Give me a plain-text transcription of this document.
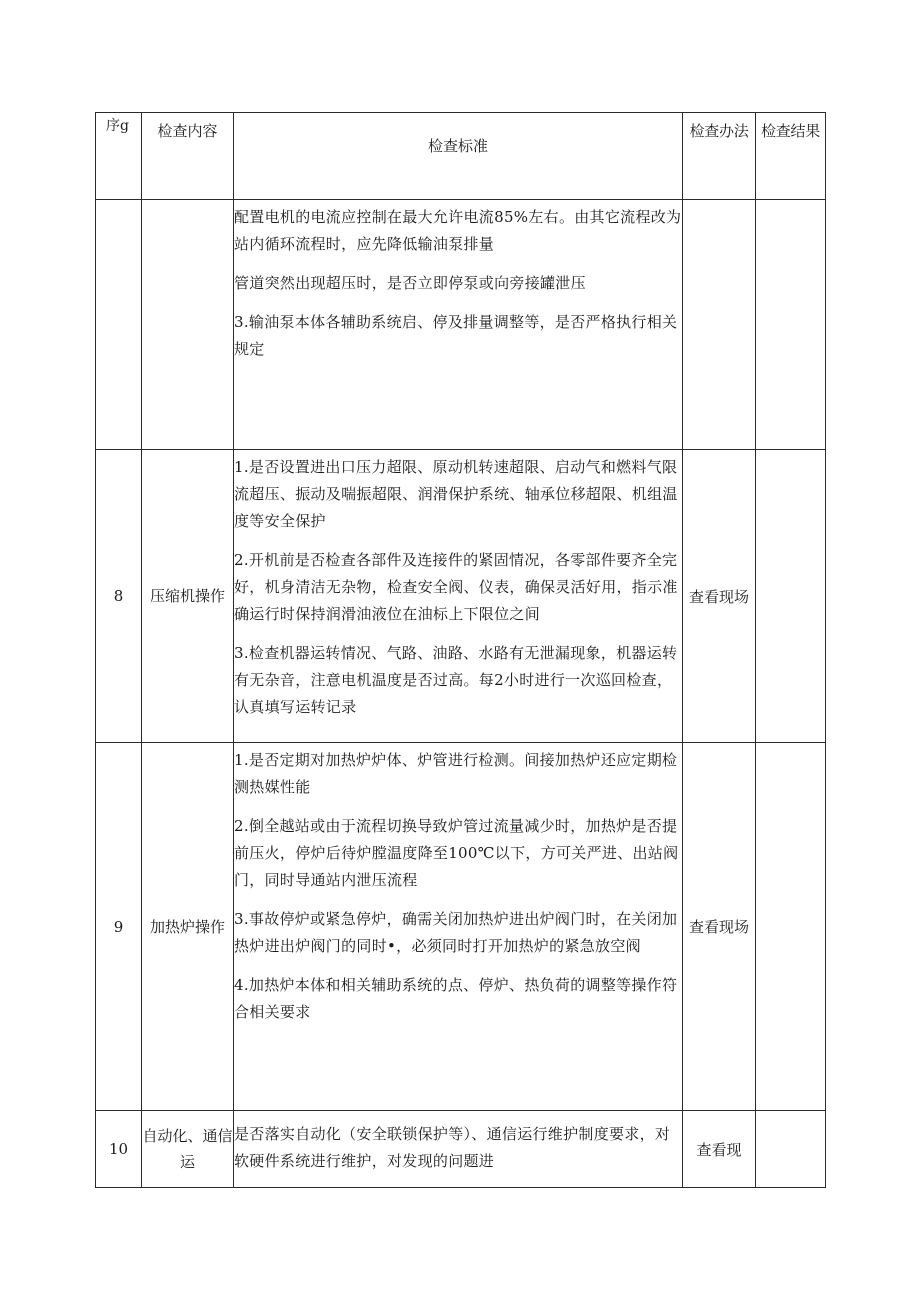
序g	检查内容	检查标准	检查办法	检查结果

		配置电机的电流应控制在最大允许电流85%左右。由其它流程改为站内循环流程时，应先降低输油泵排量

管道突然出现超压时，是否立即停泵或向旁接罐泄压

3.输油泵本体各辅助系统启、停及排量调整等，是否严格执行相关规定		

8	压缩机操作	1.是否设置进出口压力超限、原动机转速超限、启动气和燃料气限流超压、振动及喘振超限、润滑保护系统、轴承位移超限、机组温度等安全保护

2.开机前是否检查各部件及连接件的紧固情况，各零部件要齐全完好，机身清洁无杂物，检查安全阀、仪表，确保灵活好用，指示准确运行时保持润滑油液位在油标上下限位之间

3.检查机器运转情况、气路、油路、水路有无泄漏现象，机器运转有无杂音，注意电机温度是否过高。每2小时进行一次巡回检查，认真填写运转记录	查看现场	
9	加热炉操作	1.是否定期对加热炉炉体、炉管进行检测。间接加热炉还应定期检测热媒性能

2.倒全越站或由于流程切换导致炉管过流量减少时，加热炉是否提前压火，停炉后待炉膛温度降至100℃以下，方可关严进、出站阀门，同时导通站内泄压流程

3.事故停炉或紧急停炉，确需关闭加热炉进出炉阀门时，在关闭加热炉进出炉阀门的同时•，必须同时打开加热炉的紧急放空阀

4.加热炉本体和相关辅助系统的点、停炉、热负荷的调整等操作符合相关要求	查看现场	
10	自动化、通信运	是否落实自动化（安全联锁保护等）、通信运行维护制度要求，对软硬件系统进行维护，对发现的问题进	查看现	
